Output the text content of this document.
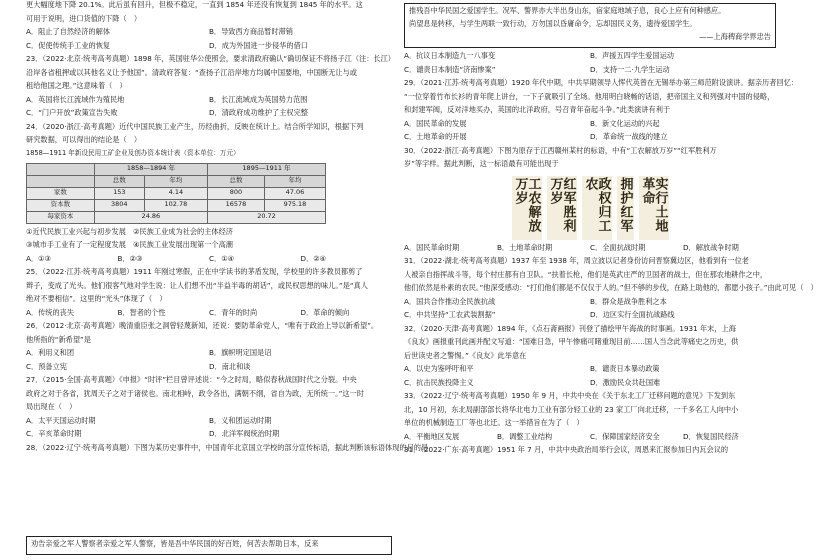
更大幅度地下降 20.1%。此后虽有回升，但极不稳定，一直到 1854 年还没有恢复到 1845 年的水平。这

可用于说明，进口货值的下降（　）

A．阻止了自然经济的解体	B．导致西方商品暂时滞销
C．促使传统手工业的恢复	D．成为外国进一步侵华的借口

23．（2022·北京·统考高考真题）1898 年，英国驻华公使照会，要求清政府确认“确切保证不将扬子江（注：长江）

沿岸各省租押或以其他名义让予他国”。清政府答复：“查扬子江沿岸地方均属中国要地，中国断无让与或

租给他国之理。”这意味着（　）

A．英国将长江流域作为殖民地	B．长江流域成为英国势力范围
C．“门户开放”政策宣告失败	D．清政府成功维护了主权完整

24．（2020·浙江·高考真题）近代中国民族工业产生，历经曲折，反映在统计上。结合所学知识，根据下列

研究数据，可以得出的结论是（　）

1858—1911 年新设民用工矿企业及创办资本统计表（资本单位：万元）
	1858—1894 年		1895—1911 年	
	总数	年均	总数	年均
家数	153	4.14	800	47.06
资本数	3804	102.78	16578	975.18
每家资本	24.86		20.72	

①近代民族工业兴起与初步发展　②民族工业成为社会的主体经济

③城市手工业有了一定程度发展　④民族工业发展出现第一个高潮

A．①③	B．②③	C．①④	D．②④

25．（2022·江苏·统考高考真题）1911 年刚过寒假，正在中学读书的茅盾发现，学校里的许多教员都剪了

辫子，变成了光头。他们很客气地对学生说：让人们想不出“半益半毒的胡话”，或民权思想的味儿。”是“真人

绝对不要相信”。这里的“光头”体现了（　）

A．传统的丧失	B．智者的个性	C．青年的时尚	D．革命的倾向

26．（2012·北京·高考真题）晚清重臣张之洞曾轻蔑新知，还说：要防革命党人，“唯有于政治上导以新希望”。

他所指的“新希望”是

A．利用义和团	B．旗帜明定国是诏
C．预备立宪	D．南北和谈

27．（2015·全国·高考真题）《申报》“时评”栏目曾评述说：“今之时局，略似春秋战国时代之分裂。中央

政府之对于各省，犹周天子之对于诸侯也。南北相峙，政令各出，满朝不纲，省自为政，无所统一。”这一时

局出现在（　）

A．太平天国运动时期	B．义和团运动时期
C．辛亥革命时期	D．北洋军阀统治时期

28．（2022·辽宁·统考高考真题）下图为某历史事件中，中国青年北京国立学校的部分宣传标语，据此判断该标语体现的目的是

劝告亲爱之军人警察者亲爱之军人警察，皆是吾中华民国的好百姓，何苦去帮助日本，反来

推残吾中华民国之爱国学生。况军、警界亦大半出身山东，宿家庭地域子息，良心上应有何种感应。

尚望息是转移，与学生两联一致行动，万勿国以昏庸命令，忘却国民义务，遗待爱国学生。

——上海稗商学界忠告

A．抗议日本制造九一八事变	B．声援五四学生爱国运动
C．谴责日本制造“济南惨案”	D．支持一二·九学生运动

29．（2021·江苏·统考高考真题）1920 年代中期，中共早期领导人恽代英曾在无锡举办第三师范附设演讲。据亲历者回忆：

“一位穿着竹布长衫的青年爬上讲台，一下子就吸引了全场。他用明白晓畅的话语，把帝国主义和列强对中国的侵略，

和封建军阀，反对洋地买办，英国的北洋政府，号召青年奋起斗争。”此类演讲有利于

A．国民革命的发展	B．新文化运动的兴起
C．土地革命的开展	D．革命统一战线的建立

30．（2022·浙江·高考真题）下图为原存于江西赣州某村的标语，中有“工农解放万岁”“红军胜利万

岁”等字样。据此判断，这一标语最有可能出现于

工农解放万岁	红军胜利万岁	政权归工农	拥护红军	实行土地革命
A．国民革命时期	B．土地革命时期	C．全面抗战时期	D．解放战争时期

31．（2022·湖北·统考高考真题）1937 年至 1938 年，周立波以记者身份访问晋察冀边区，他看到有一位老

人被亲自指挥战斗等，每个村庄都有自卫队。“扶着长枪，他们是英武庄严的卫国者的战士，但在那农地耕作之中，

他们依然是朴素的农民。”他深受感动：“打们他们都是不仅仅于人的。”但不够的步伐，在路上助他的，都愿小孩子。”由此可见（　）

A．国共合作推动全民族抗战	B．群众是战争胜利之本
C．中共坚持“工农武装割据”	D．边区实行全面抗战路线

32．（2020·天津·高考真题）1894 年，《点石斋画报》刊登了描绘甲午海战的时事画。1931 年末，上海

《良友》画报重刊此画并配文写道：“国难日急，甲午惨痛可睹重现目前……国人当念此等痛史之历史，供

后世读史者之警惕。”《良友》此举意在

A．以史为鉴呼吁和平	B．谴责日本暴动政策
C．抗击民族投降主义	D．激励民众共赴国难

33．（2022·辽宁·统考高考真题）1950 年 9 月，中共中央在《关于东北工厂迁移问题的意见》下发到东

北，10 月初，东北局副部部长将华北电力工业有部分轻工业的 23 家工厂向北迁移，一千多名工人向中小

单位的机械制造工厂等也北迁。这一举措旨在为了（　）

A．平衡地区发展	B．调整工业结构	C．保障国家经济安全	D．恢复国民经济

31．（2022·广东·高考真题）1951 年 7 月，中共中央政治局举行会议，周恩来汇报参加日内瓦会议的
